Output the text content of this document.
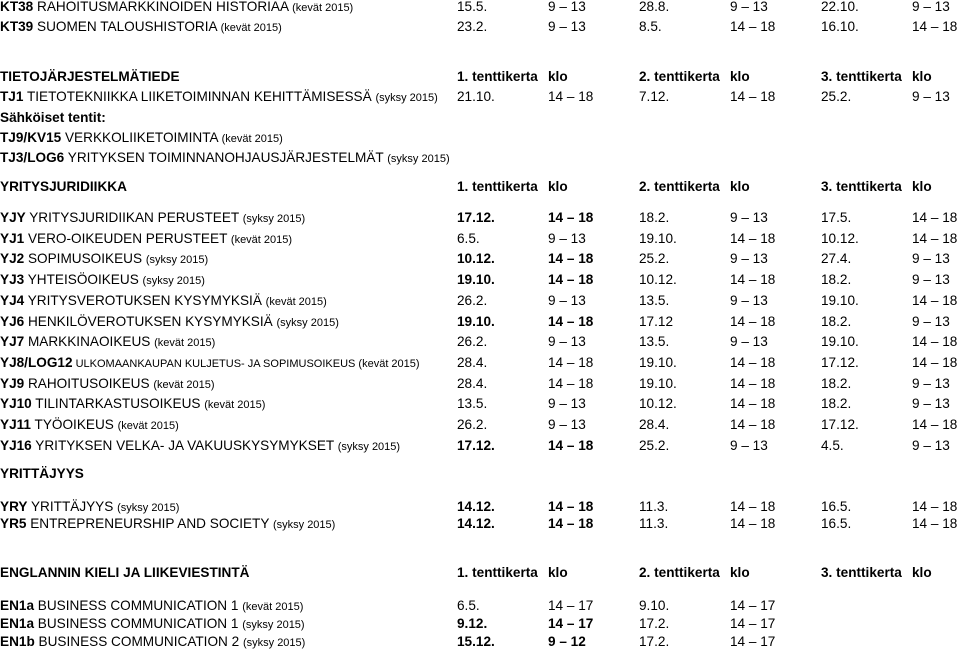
KT38 RAHOITUSMARKKINOIDEN HISTORIAA (kevät 2015)	15.5.	9 – 13	28.8.	9 – 13	22.10.	9 – 13
KT39 SUOMEN TALOUSHISTORIA (kevät 2015)	23.2.	9 – 13	8.5.	14 – 18	16.10.	14 – 18
TIETOJÄRJESTELMÄTIEDE	1. tenttikerta klo	2. tenttikerta klo	3. tenttikerta klo
TJ1 TIETOTEKNIIKKA LIIKETOIMINNAN KEHITTÄMISESSÄ (syksy 2015) 21.10.	14 – 18	7.12.	14 – 18	25.2.	9 – 13
Sähköiset tentit:
TJ9/KV15 VERKKOLIIKETOIMINTA (kevät 2015)
TJ3/LOG6 YRITYKSEN TOIMINNANOHJAUSJÄRJESTELMÄT (syksy 2015)
YRITYSJURIDIIKKA	1. tenttikerta klo	2. tenttikerta klo	3. tenttikerta klo
YJY YRITYSJURIDIIKAN PERUSTEET (syksy 2015)	17.12.	14 – 18	18.2.	9 – 13	17.5.	14 – 18
YJ1 VERO-OIKEUDEN PERUSTEET (kevät 2015)	6.5.	9 – 13	19.10.	14 – 18	10.12.	14 – 18
YJ2 SOPIMUSOIKEUS (syksy 2015)	10.12.	14 – 18	25.2.	9 – 13	27.4.	9 – 13
YJ3 YHTEISÖOIKEUS (syksy 2015)	19.10.	14 – 18	10.12.	14 – 18	18.2.	9 – 13
YJ4 YRITYSVEROTUKSEN KYSYMYKSIÄ (kevät 2015)	26.2.	9 – 13	13.5.	9 – 13	19.10.	14 – 18
YJ6 HENKILÖVEROTUKSEN KYSYMYKSIÄ (syksy 2015)	19.10.	14 – 18	17.12	14 – 18	18.2.	9 – 13
YJ7 MARKKINAOIKEUS (kevät 2015)	26.2.	9 – 13	13.5.	9 – 13	19.10.	14 – 18
YJ8/LOG12 ULKOMAANKAUPAN KULJETUS- JA SOPIMUSOIKEUS (kevät 2015)	28.4.	14 – 18	19.10.	14 – 18	17.12.	14 – 18
YJ9 RAHOITUSOIKEUS (kevät 2015)	28.4.	14 – 18	19.10.	14 – 18	18.2.	9 – 13
YJ10 TILINTARKASTUSOIKEUS (kevät 2015)	13.5.	9 – 13	10.12.	14 – 18	18.2.	9 – 13
YJ11 TYÖOIKEUS (kevät 2015)	26.2.	9 – 13	28.4.	14 – 18	17.12.	14 – 18
YJ16 YRITYKSEN VELKA- JA VAKUUSKYSYMYKSET (syksy 2015)	17.12.	14 – 18	25.2.	9 – 13	4.5.	9 – 13
YRITTÄJYYS
YRY YRITTÄJYYS (syksy 2015)	14.12.	14 – 18	11.3.	14 – 18	16.5.	14 – 18
YR5 ENTREPRENEURSHIP AND SOCIETY (syksy 2015)	14.12.	14 – 18	11.3.	14 – 18	16.5.	14 – 18
ENGLANNIN KIELI JA LIIKEVIESTINTÄ	1. tenttikerta klo	2. tenttikerta klo	3. tenttikerta klo
EN1a BUSINESS COMMUNICATION 1 (kevät 2015)	6.5.	14 – 17	9.10.	14 – 17
EN1a BUSINESS COMMUNICATION 1 (syksy 2015)	9.12.	14 – 17	17.2.	14 – 17
EN1b BUSINESS COMMUNICATION 2 (syksy 2015)	15.12.	9 – 12	17.2.	14 – 17
